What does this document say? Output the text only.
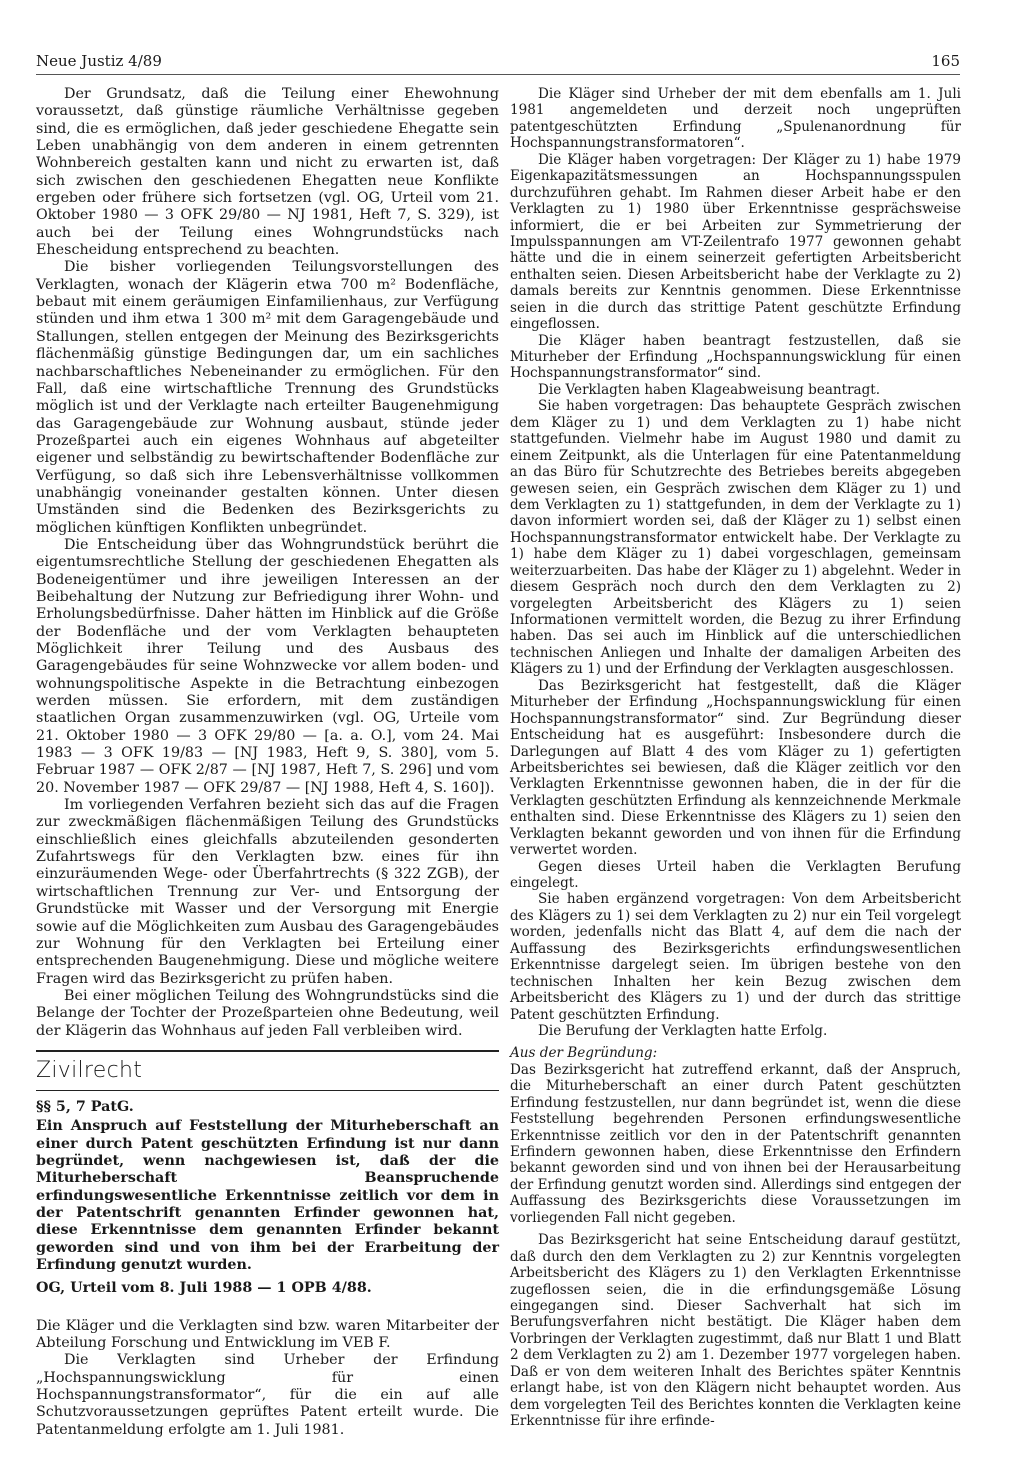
Neue Justiz 4/89	165

Der Grundsatz, daß die Teilung einer Ehewohnung voraussetzt, daß günstige räumliche Verhältnisse gegeben sind, die es ermöglichen, daß jeder geschiedene Ehegatte sein Leben unabhängig von dem anderen in einem getrennten Wohnbereich gestalten kann und nicht zu erwarten ist, daß sich zwischen den geschiedenen Ehegatten neue Konflikte ergeben oder frühere sich fortsetzen (vgl. OG, Urteil vom 21. Oktober 1980 — 3 OFK 29/80 — NJ 1981, Heft 7, S. 329), ist auch bei der Teilung eines Wohngrundstücks nach Ehescheidung entsprechend zu beachten.

Die bisher vorliegenden Teilungsvorstellungen des Verklagten, wonach der Klägerin etwa 700 m² Bodenfläche, bebaut mit einem geräumigen Einfamilienhaus, zur Verfügung stünden und ihm etwa 1 300 m² mit dem Garagengebäude und Stallungen, stellen entgegen der Meinung des Bezirksgerichts flächenmäßig günstige Bedingungen dar, um ein sachliches nachbarschaftliches Nebeneinander zu ermöglichen. Für den Fall, daß eine wirtschaftliche Trennung des Grundstücks möglich ist und der Verklagte nach erteilter Baugenehmigung das Garagengebäude zur Wohnung ausbaut, stünde jeder Prozeßpartei auch ein eigenes Wohnhaus auf abgeteilter eigener und selbständig zu bewirtschaftender Bodenfläche zur Verfügung, so daß sich ihre Lebensverhältnisse vollkommen unabhängig voneinander gestalten können. Unter diesen Umständen sind die Bedenken des Bezirksgerichts zu möglichen künftigen Konflikten unbegründet.

Die Entscheidung über das Wohngrundstück berührt die eigentumsrechtliche Stellung der geschiedenen Ehegatten als Bodeneigentümer und ihre jeweiligen Interessen an der Beibehaltung der Nutzung zur Befriedigung ihrer Wohn- und Erholungsbedürfnisse. Daher hätten im Hinblick auf die Größe der Bodenfläche und der vom Verklagten behaupteten Möglichkeit ihrer Teilung und des Ausbaus des Garagengebäudes für seine Wohnzwecke vor allem boden- und wohnungspolitische Aspekte in die Betrachtung einbezogen werden müssen. Sie erfordern, mit dem zuständigen staatlichen Organ zusammenzuwirken (vgl. OG, Urteile vom 21. Oktober 1980 — 3 OFK 29/80 — [a. a. O.], vom 24. Mai 1983 — 3 OFK 19/83 — [NJ 1983, Heft 9, S. 380], vom 5. Februar 1987 — OFK 2/87 — [NJ 1987, Heft 7, S. 296] und vom 20. November 1987 — OFK 29/87 — [NJ 1988, Heft 4, S. 160]).

Im vorliegenden Verfahren bezieht sich das auf die Fragen zur zweckmäßigen flächenmäßigen Teilung des Grundstücks einschließlich eines gleichfalls abzuteilenden gesonderten Zufahrtswegs für den Verklagten bzw. eines für ihn einzuräumenden Wege- oder Überfahrtrechts (§ 322 ZGB), der wirtschaftlichen Trennung zur Ver- und Entsorgung der Grundstücke mit Wasser und der Versorgung mit Energie sowie auf die Möglichkeiten zum Ausbau des Garagengebäudes zur Wohnung für den Verklagten bei Erteilung einer entsprechenden Baugenehmigung. Diese und mögliche weitere Fragen wird das Bezirksgericht zu prüfen haben.

Bei einer möglichen Teilung des Wohngrundstücks sind die Belange der Tochter der Prozeßparteien ohne Bedeutung, weil der Klägerin das Wohnhaus auf jeden Fall verbleiben wird.

Zivilrecht

§§ 5, 7 PatG.

Ein Anspruch auf Feststellung der Miturheberschaft an einer durch Patent geschützten Erfindung ist nur dann begründet, wenn nachgewiesen ist, daß der die Miturheberschaft Beanspruchende erfindungswesentliche Erkenntnisse zeitlich vor dem in der Patentschrift genannten Erfinder gewonnen hat, diese Erkenntnisse dem genannten Erfinder bekannt geworden sind und von ihm bei der Erarbeitung der Erfindung genutzt wurden.

OG, Urteil vom 8. Juli 1988 — 1 OPB 4/88.

Die Kläger und die Verklagten sind bzw. waren Mitarbeiter der Abteilung Forschung und Entwicklung im VEB F.

Die Verklagten sind Urheber der Erfindung „Hochspannungswicklung für einen Hochspannungstransformator“, für die ein auf alle Schutzvoraussetzungen geprüftes Patent erteilt wurde. Die Patentanmeldung erfolgte am 1. Juli 1981.

Die Kläger sind Urheber der mit dem ebenfalls am 1. Juli 1981 angemeldeten und derzeit noch ungeprüften patentgeschützten Erfindung „Spulenanordnung für Hochspannungstransformatoren“.

Die Kläger haben vorgetragen: Der Kläger zu 1) habe 1979 Eigenkapazitätsmessungen an Hochspannungsspulen durchzuführen gehabt. Im Rahmen dieser Arbeit habe er den Verklagten zu 1) 1980 über Erkenntnisse gesprächsweise informiert, die er bei Arbeiten zur Symmetrierung der Impulsspannungen am VT-Zeilentrafo 1977 gewonnen gehabt hätte und die in einem seinerzeit gefertigten Arbeitsbericht enthalten seien. Diesen Arbeitsbericht habe der Verklagte zu 2) damals bereits zur Kenntnis genommen. Diese Erkenntnisse seien in die durch das strittige Patent geschützte Erfindung eingeflossen.

Die Kläger haben beantragt festzustellen, daß sie Miturheber der Erfindung „Hochspannungswicklung für einen Hochspannungstransformator“ sind.

Die Verklagten haben Klageabweisung beantragt.

Sie haben vorgetragen: Das behauptete Gespräch zwischen dem Kläger zu 1) und dem Verklagten zu 1) habe nicht stattgefunden. Vielmehr habe im August 1980 und damit zu einem Zeitpunkt, als die Unterlagen für eine Patentanmeldung an das Büro für Schutzrechte des Betriebes bereits abgegeben gewesen seien, ein Gespräch zwischen dem Kläger zu 1) und dem Verklagten zu 1) stattgefunden, in dem der Verklagte zu 1) davon informiert worden sei, daß der Kläger zu 1) selbst einen Hochspannungstransformator entwickelt habe. Der Verklagte zu 1) habe dem Kläger zu 1) dabei vorgeschlagen, gemeinsam weiterzuarbeiten. Das habe der Kläger zu 1) abgelehnt. Weder in diesem Gespräch noch durch den dem Verklagten zu 2) vorgelegten Arbeitsbericht des Klägers zu 1) seien Informationen vermittelt worden, die Bezug zu ihrer Erfindung haben. Das sei auch im Hinblick auf die unterschiedlichen technischen Anliegen und Inhalte der damaligen Arbeiten des Klägers zu 1) und der Erfindung der Verklagten ausgeschlossen.

Das Bezirksgericht hat festgestellt, daß die Kläger Miturheber der Erfindung „Hochspannungswicklung für einen Hochspannungstransformator“ sind. Zur Begründung dieser Entscheidung hat es ausgeführt: Insbesondere durch die Darlegungen auf Blatt 4 des vom Kläger zu 1) gefertigten Arbeitsberichtes sei bewiesen, daß die Kläger zeitlich vor den Verklagten Erkenntnisse gewonnen haben, die in der für die Verklagten geschützten Erfindung als kennzeichnende Merkmale enthalten sind. Diese Erkenntnisse des Klägers zu 1) seien den Verklagten bekannt geworden und von ihnen für die Erfindung verwertet worden.

Gegen dieses Urteil haben die Verklagten Berufung eingelegt.

Sie haben ergänzend vorgetragen: Von dem Arbeitsbericht des Klägers zu 1) sei dem Verklagten zu 2) nur ein Teil vorgelegt worden, jedenfalls nicht das Blatt 4, auf dem die nach der Auffassung des Bezirksgerichts erfindungswesentlichen Erkenntnisse dargelegt seien. Im übrigen bestehe von den technischen Inhalten her kein Bezug zwischen dem Arbeitsbericht des Klägers zu 1) und der durch das strittige Patent geschützten Erfindung.

Die Berufung der Verklagten hatte Erfolg.

Aus der Begründung:

Das Bezirksgericht hat zutreffend erkannt, daß der Anspruch, die Miturheberschaft an einer durch Patent geschützten Erfindung festzustellen, nur dann begründet ist, wenn die diese Feststellung begehrenden Personen erfindungswesentliche Erkenntnisse zeitlich vor den in der Patentschrift genannten Erfindern gewonnen haben, diese Erkenntnisse den Erfindern bekannt geworden sind und von ihnen bei der Herausarbeitung der Erfindung genutzt worden sind. Allerdings sind entgegen der Auffassung des Bezirksgerichts diese Voraussetzungen im vorliegenden Fall nicht gegeben.

Das Bezirksgericht hat seine Entscheidung darauf gestützt, daß durch den dem Verklagten zu 2) zur Kenntnis vorgelegten Arbeitsbericht des Klägers zu 1) den Verklagten Erkenntnisse zugeflossen seien, die in die erfindungsgemäße Lösung eingegangen sind. Dieser Sachverhalt hat sich im Berufungsverfahren nicht bestätigt. Die Kläger haben dem Vorbringen der Verklagten zugestimmt, daß nur Blatt 1 und Blatt 2 dem Verklagten zu 2) am 1. Dezember 1977 vorgelegen haben. Daß er von dem weiteren Inhalt des Berichtes später Kenntnis erlangt habe, ist von den Klägern nicht behauptet worden. Aus dem vorgelegten Teil des Berichtes konnten die Verklagten keine Erkenntnisse für ihre erfinde-
